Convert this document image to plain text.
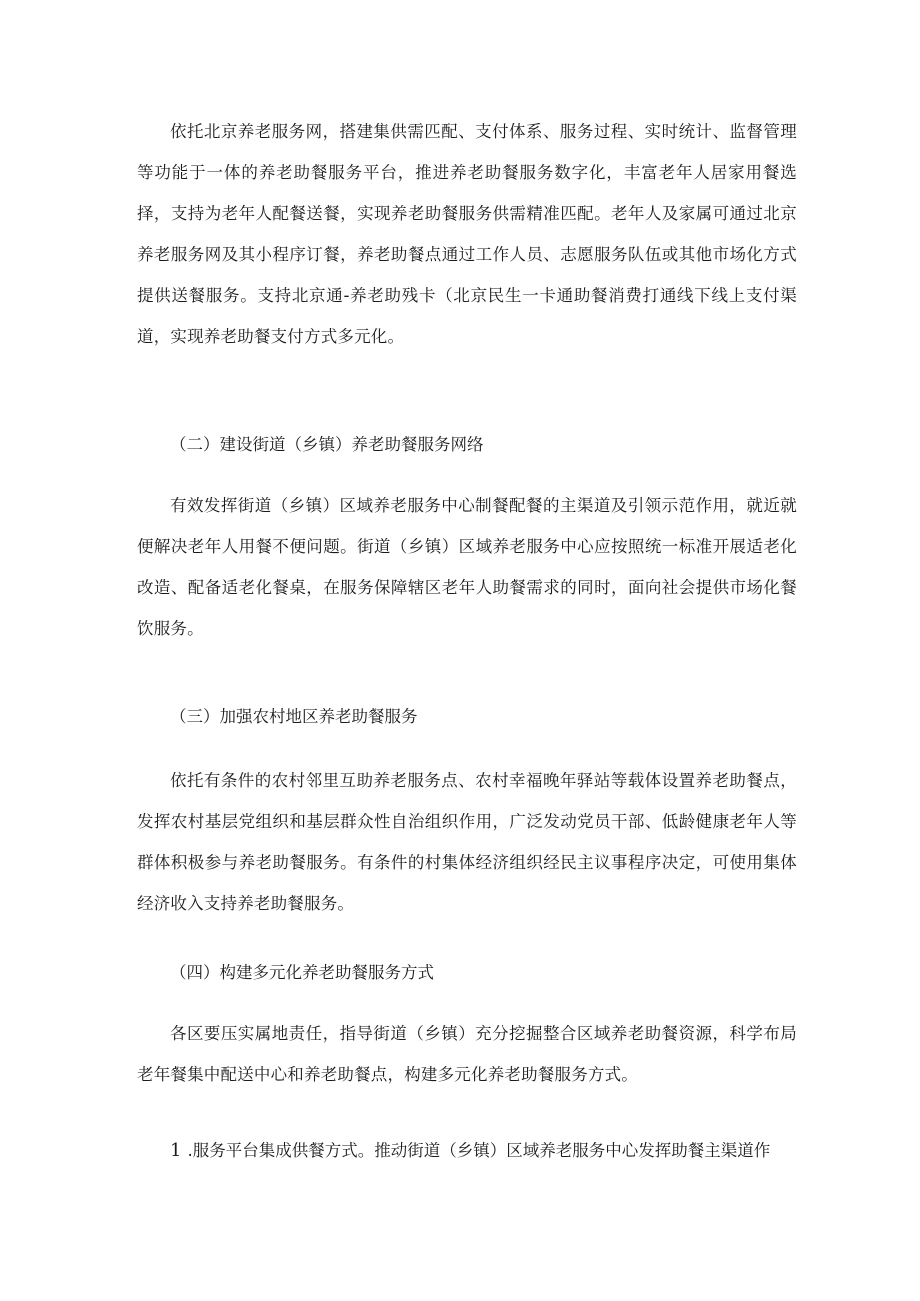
依托北京养老服务网，搭建集供需匹配、支付体系、服务过程、实时统计、监督管理等功能于一体的养老助餐服务平台，推进养老助餐服务数字化，丰富老年人居家用餐选择，支持为老年人配餐送餐，实现养老助餐服务供需精准匹配。老年人及家属可通过北京养老服务网及其小程序订餐，养老助餐点通过工作人员、志愿服务队伍或其他市场化方式提供送餐服务。支持北京通-养老助残卡（北京民生一卡通助餐消费打通线下线上支付渠道，实现养老助餐支付方式多元化。

（二）建设街道（乡镇）养老助餐服务网络

有效发挥街道（乡镇）区域养老服务中心制餐配餐的主渠道及引领示范作用，就近就便解决老年人用餐不便问题。街道（乡镇）区域养老服务中心应按照统一标准开展适老化改造、配备适老化餐桌，在服务保障辖区老年人助餐需求的同时，面向社会提供市场化餐饮服务。

（三）加强农村地区养老助餐服务

依托有条件的农村邻里互助养老服务点、农村幸福晚年驿站等载体设置养老助餐点，发挥农村基层党组织和基层群众性自治组织作用，广泛发动党员干部、低龄健康老年人等群体积极参与养老助餐服务。有条件的村集体经济组织经民主议事程序决定，可使用集体经济收入支持养老助餐服务。

（四）构建多元化养老助餐服务方式

各区要压实属地责任，指导街道（乡镇）充分挖掘整合区域养老助餐资源，科学布局老年餐集中配送中心和养老助餐点，构建多元化养老助餐服务方式。

1 .服务平台集成供餐方式。推动街道（乡镇）区域养老服务中心发挥助餐主渠道作
